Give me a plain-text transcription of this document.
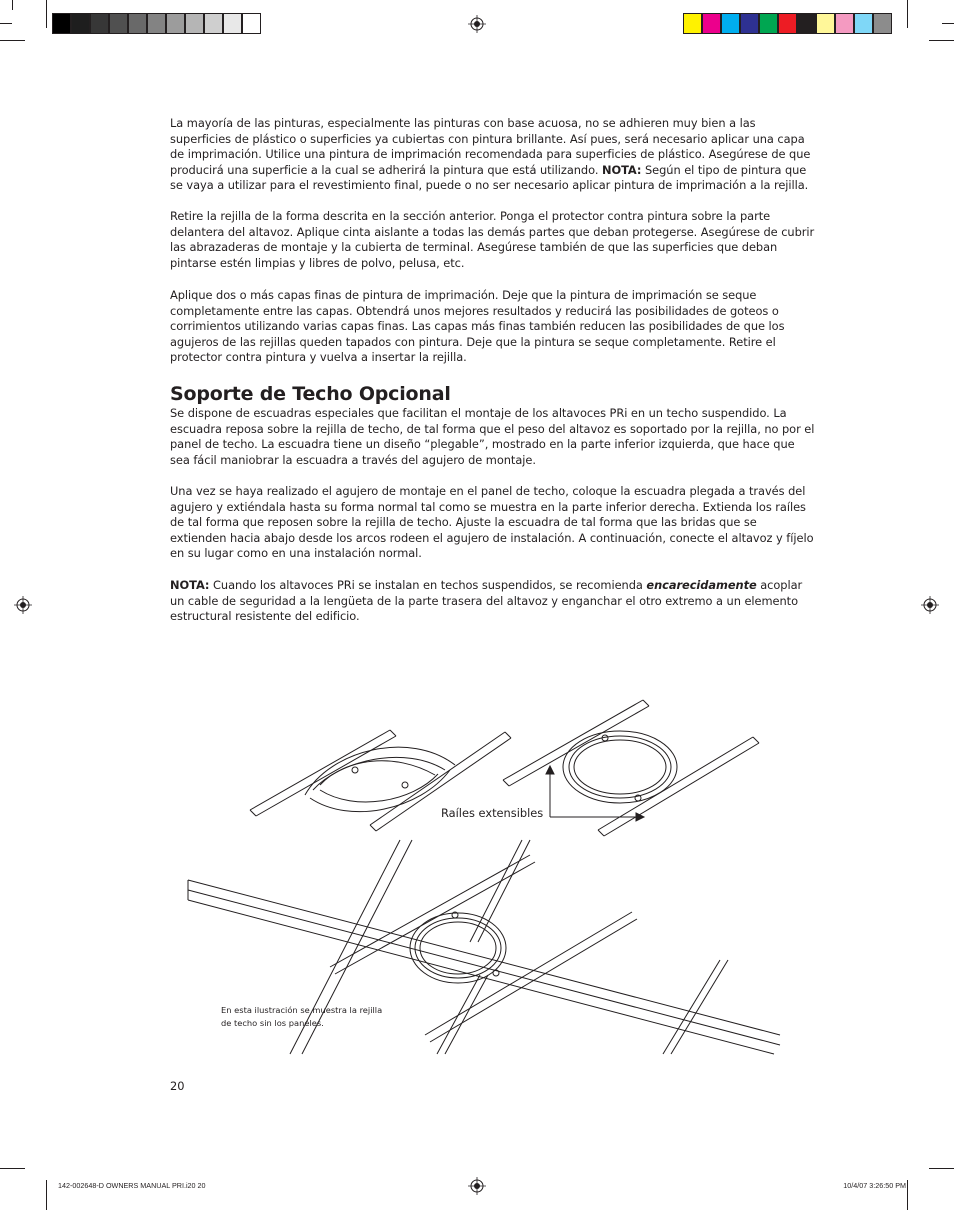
La mayoría de las pinturas, especialmente las pinturas con base acuosa, no se adhieren muy bien a las superficies de plástico o superficies ya cubiertas con pintura brillante. Así pues, será necesario aplicar una capa de imprimación. Utilice una pintura de imprimación recomendada para superficies de plástico. Asegúrese de que producirá una superficie a la cual se adherirá la pintura que está utilizando. NOTA: Según el tipo de pintura que se vaya a utilizar para el revestimiento final, puede o no ser necesario aplicar pintura de imprimación a la rejilla.

Retire la rejilla de la forma descrita en la sección anterior. Ponga el protector contra pintura sobre la parte delantera del altavoz. Aplique cinta aislante a todas las demás partes que deban protegerse. Asegúrese de cubrir las abrazaderas de montaje y la cubierta de terminal. Asegúrese también de que las superficies que deban pintarse estén limpias y libres de polvo, pelusa, etc.

Aplique dos o más capas finas de pintura de imprimación. Deje que la pintura de imprimación se seque completamente entre las capas. Obtendrá unos mejores resultados y reducirá las posibilidades de goteos o corrimientos utilizando varias capas finas. Las capas más finas también reducen las posibilidades de que los agujeros de las rejillas queden tapados con pintura. Deje que la pintura se seque completamente. Retire el protector contra pintura y vuelva a insertar la rejilla.

Soporte de Techo Opcional

Se dispone de escuadras especiales que facilitan el montaje de los altavoces PRi en un techo suspendido. La escuadra reposa sobre la rejilla de techo, de tal forma que el peso del altavoz es soportado por la rejilla, no por el panel de techo. La escuadra tiene un diseño “plegable”, mostrado en la parte inferior izquierda, que hace que sea fácil maniobrar la escuadra a través del agujero de montaje.

Una vez se haya realizado el agujero de montaje en el panel de techo, coloque la escuadra plegada a través del agujero y extiéndala hasta su forma normal tal como se muestra en la parte inferior derecha. Extienda los raíles de tal forma que reposen sobre la rejilla de techo. Ajuste la escuadra de tal forma que las bridas que se extienden hacia abajo desde los arcos rodeen el agujero de instalación. A continuación, conecte el altavoz y fíjelo en su lugar como en una instalación normal.

NOTA: Cuando los altavoces PRi se instalan en techos suspendidos, se recomienda encarecidamente acoplar un cable de seguridad a la lengüeta de la parte trasera del altavoz y enganchar el otro extremo a un elemento estructural resistente del edificio.

Raíles extensibles
En esta ilustración se muestra la rejilla de techo sin los paneles.
20
142-002648-D OWNERS MANUAL PRI.i20 20	10/4/07 3:26:50 PM
